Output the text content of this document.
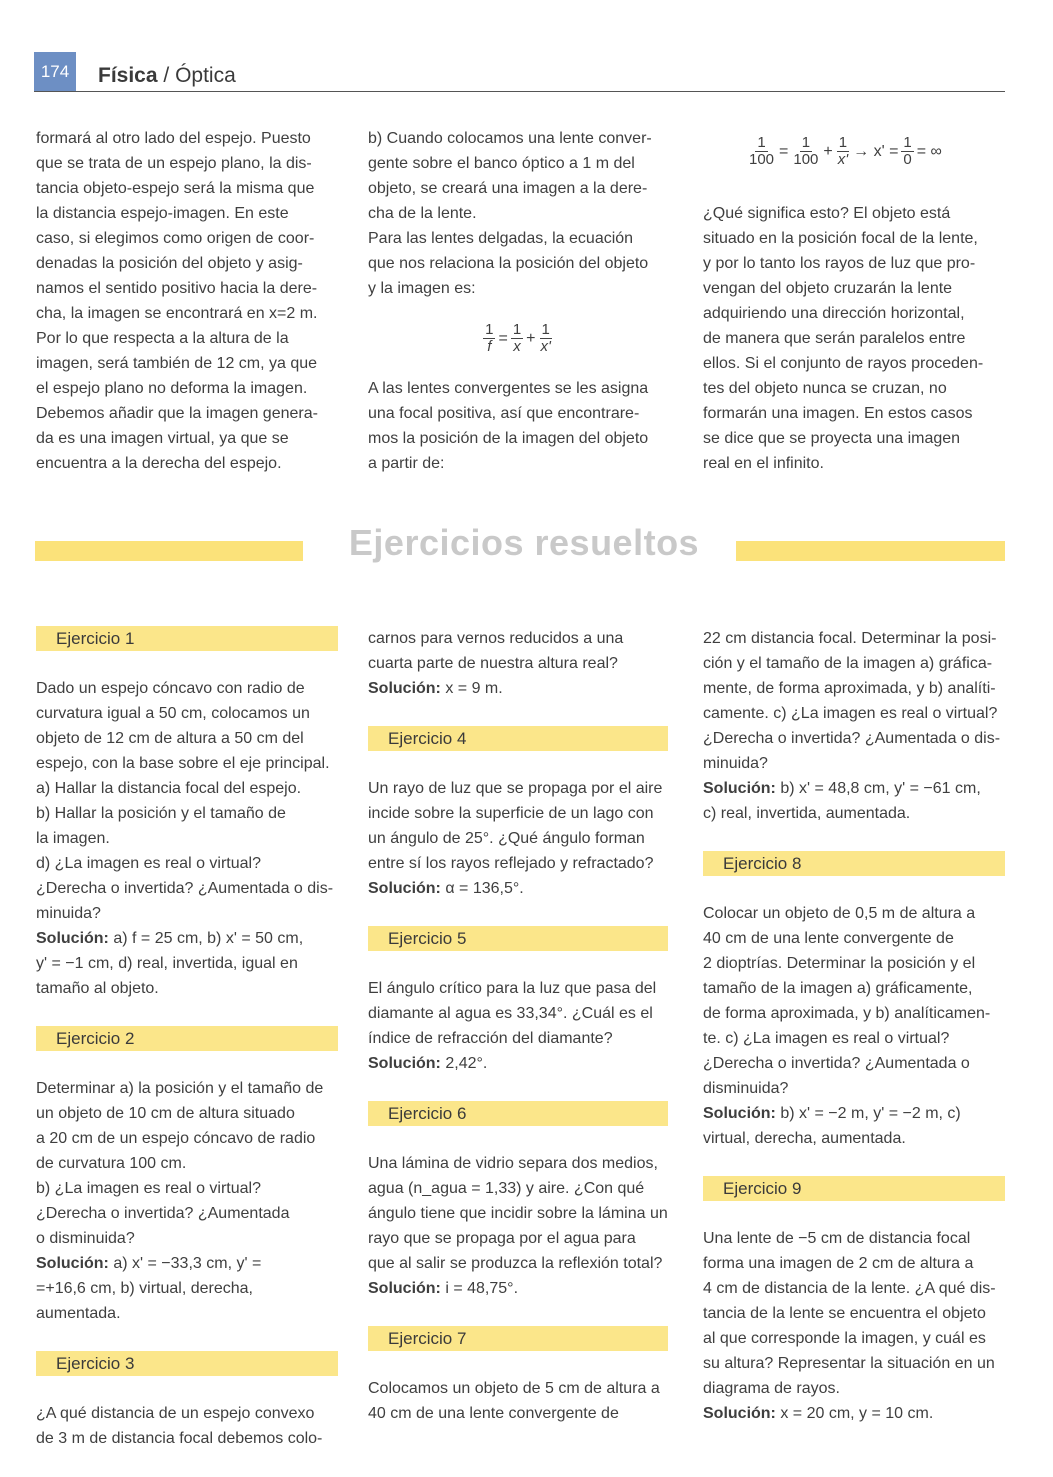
174	Física / Óptica

formará al otro lado del espejo. Puesto

que se trata de un espejo plano, la dis-

tancia objeto-espejo será la misma que

la distancia espejo-imagen. En este

caso, si elegimos como origen de coor-

denadas la posición del objeto y asig-

namos el sentido positivo hacia la dere-

cha, la imagen se encontrará en x=2 m.

Por lo que respecta a la altura de la

imagen, será también de 12 cm, ya que

el espejo plano no deforma la imagen.

Debemos añadir que la imagen genera-

da es una imagen virtual, ya que se

encuentra a la derecha del espejo.

b) Cuando colocamos una lente conver-

gente sobre el banco óptico a 1 m del

objeto, se creará una imagen a la dere-

cha de la lente.

Para las lentes delgadas, la ecuación

que nos relaciona la posición del objeto

y la imagen es:

$\frac{1}{f} = \frac{1}{x} + \frac{1}{x'}$

A las lentes convergentes se les asigna

una focal positiva, así que encontrare-

mos la posición de la imagen del objeto

a partir de:

$\frac{1}{100} = \frac{1}{100} + \frac{1}{x'} \to x' = \frac{1}{0}$ = ∞

¿Qué significa esto? El objeto está

situado en la posición focal de la lente,

y por lo tanto los rayos de luz que pro-

vengan del objeto cruzarán la lente

adquiriendo una dirección horizontal,

de manera que serán paralelos entre

ellos. Si el conjunto de rayos proceden-

tes del objeto nunca se cruzan, no

formarán una imagen. En estos casos

se dice que se proyecta una imagen

real en el infinito.

Ejercicios resueltos
Ejercicio 1

Dado un espejo cóncavo con radio de

curvatura igual a 50 cm, colocamos un

objeto de 12 cm de altura a 50 cm del

espejo, con la base sobre el eje principal.

a) Hallar la distancia focal del espejo.

b) Hallar la posición y el tamaño de

la imagen.

d) ¿La imagen es real o virtual?

¿Derecha o invertida? ¿Aumentada o dis-

minuida?

Solución: a) f = 25 cm, b) x' = 50 cm,

y' = −1 cm, d) real, invertida, igual en

tamaño al objeto.

Ejercicio 2

Determinar a) la posición y el tamaño de

un objeto de 10 cm de altura situado

a 20 cm de un espejo cóncavo de radio

de curvatura 100 cm.

b) ¿La imagen es real o virtual?

¿Derecha o invertida? ¿Aumentada

o disminuida?

Solución: a) x' = −33,3 cm, y' =

=+16,6 cm, b) virtual, derecha, aumentada.

Ejercicio 3

¿A qué distancia de un espejo convexo

de 3 m de distancia focal debemos colo-

carnos para vernos reducidos a una

cuarta parte de nuestra altura real?

Solución: x = 9 m.

Ejercicio 4

Un rayo de luz que se propaga por el aire

incide sobre la superficie de un lago con

un ángulo de 25°. ¿Qué ángulo forman

entre sí los rayos reflejado y refractado?

Solución: α = 136,5°.

Ejercicio 5

El ángulo crítico para la luz que pasa del

diamante al agua es 33,34°. ¿Cuál es el

índice de refracción del diamante?

Solución: 2,42°.

Ejercicio 6

Una lámina de vidrio separa dos medios,

agua (n_agua = 1,33) y aire. ¿Con qué

ángulo tiene que incidir sobre la lámina un

rayo que se propaga por el agua para

que al salir se produzca la reflexión total?

Solución: i = 48,75°.

Ejercicio 7

Colocamos un objeto de 5 cm de altura a

40 cm de una lente convergente de

22 cm distancia focal. Determinar la posi-

ción y el tamaño de la imagen a) gráfica-

mente, de forma aproximada, y b) analíti-

camente. c) ¿La imagen es real o virtual?

¿Derecha o invertida? ¿Aumentada o dis-

minuida?

Solución: b) x' = 48,8 cm, y' = −61 cm,

c) real, invertida, aumentada.

Ejercicio 8

Colocar un objeto de 0,5 m de altura a

40 cm de una lente convergente de

2 dioptrías. Determinar la posición y el

tamaño de la imagen a) gráficamente,

de forma aproximada, y b) analíticamen-

te. c) ¿La imagen es real o virtual?

¿Derecha o invertida? ¿Aumentada o

disminuida?

Solución: b) x' = −2 m, y' = −2 m, c)

virtual, derecha, aumentada.

Ejercicio 9

Una lente de −5 cm de distancia focal

forma una imagen de 2 cm de altura a

4 cm de distancia de la lente. ¿A qué dis-

tancia de la lente se encuentra el objeto

al que corresponde la imagen, y cuál es

su altura? Representar la situación en un

diagrama de rayos.

Solución: x = 20 cm, y = 10 cm.
